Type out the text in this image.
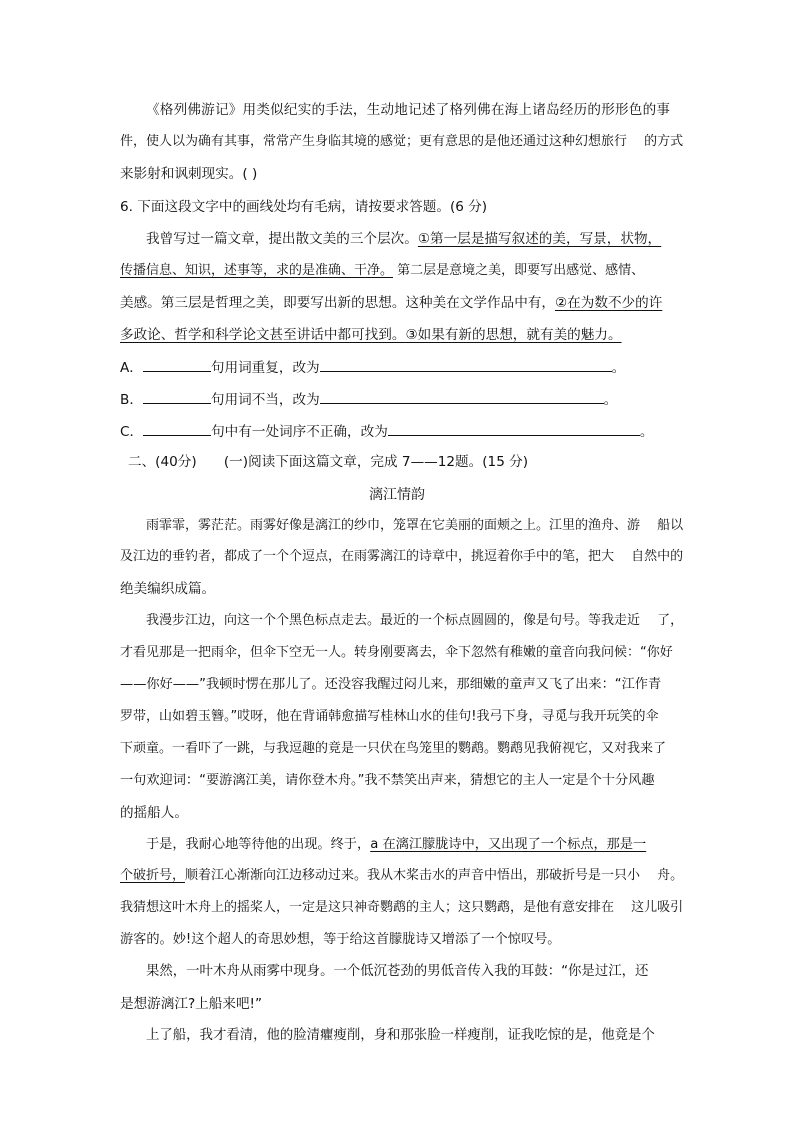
《格列佛游记》用类似纪实的手法，生动地记述了格列佛在海上诸岛经历的形形色的事
件，使人以为确有其事，常常产生身临其境的感觉；更有意思的是他还通过这种幻想旅行　 的方式
来影射和讽刺现实。( )
6. 下面这段文字中的画线处均有毛病，请按要求答题。(6 分)
我曾写过一篇文章，提出散文美的三个层次。①第一层是描写叙述的美，写景，状物，
传播信息、知识，述事等，求的是准确、干净。 第二层是意境之美，即要写出感觉、感情、
美感。第三层是哲理之美，即要写出新的思想。这种美在文学作品中有，②在为数不少的许
多政论、哲学和科学论文甚至讲话中都可找到。③如果有新的思想，就有美的魅力。
A．	句用词重复，改为	。
B．	句用词不当，改为	。
C．	句中有一处词序不正确，改为	。
二、(40分)　　(一)阅读下面这篇文章，完成 7——12题。(15 分)
漓江情韵
雨霏霏，雾茫茫。雨雾好像是漓江的纱巾，笼罩在它美丽的面颊之上。江里的渔舟、游　 船以
及江边的垂钓者，都成了一个个逗点，在雨雾漓江的诗章中，挑逗着你手中的笔，把大　 自然中的
绝美编织成篇。
我漫步江边，向这一个个黑色标点走去。最近的一个标点圆圆的，像是句号。等我走近　 了，
才看见那是一把雨伞，但伞下空无一人。转身刚要离去，伞下忽然有稚嫩的童音向我问候：“你好
——你好——”我顿时愣在那儿了。还没容我醒过闷儿来，那细嫩的童声又飞了出来：“江作青
罗带，山如碧玉簪。”哎呀，他在背诵韩愈描写桂林山水的佳句!我弓下身，寻觅与我开玩笑的伞
下顽童。一看吓了一跳，与我逗趣的竟是一只伏在鸟笼里的鹦鹉。鹦鹉见我俯视它，又对我来了
一句欢迎词：“要游漓江美，请你登木舟。”我不禁笑出声来，猜想它的主人一定是个十分风趣
的摇船人。
于是，我耐心地等待他的出现。终于，a 在漓江朦胧诗中，又出现了一个标点，那是一
个破折号，顺着江心渐渐向江边移动过来。我从木桨击水的声音中悟出，那破折号是一只小　 舟。
我猜想这叶木舟上的摇桨人，一定是这只神奇鹦鹉的主人；这只鹦鹉，是他有意安排在　 这儿吸引
游客的。妙!这个超人的奇思妙想，等于给这首朦胧诗又增添了一个惊叹号。
果然，一叶木舟从雨雾中现身。一个低沉苍劲的男低音传入我的耳鼓：“你是过江，还
是想游漓江?上船来吧!”
上了船，我才看清，他的脸清癯瘦削，身和那张脸一样瘦削，证我吃惊的是，他竟是个
